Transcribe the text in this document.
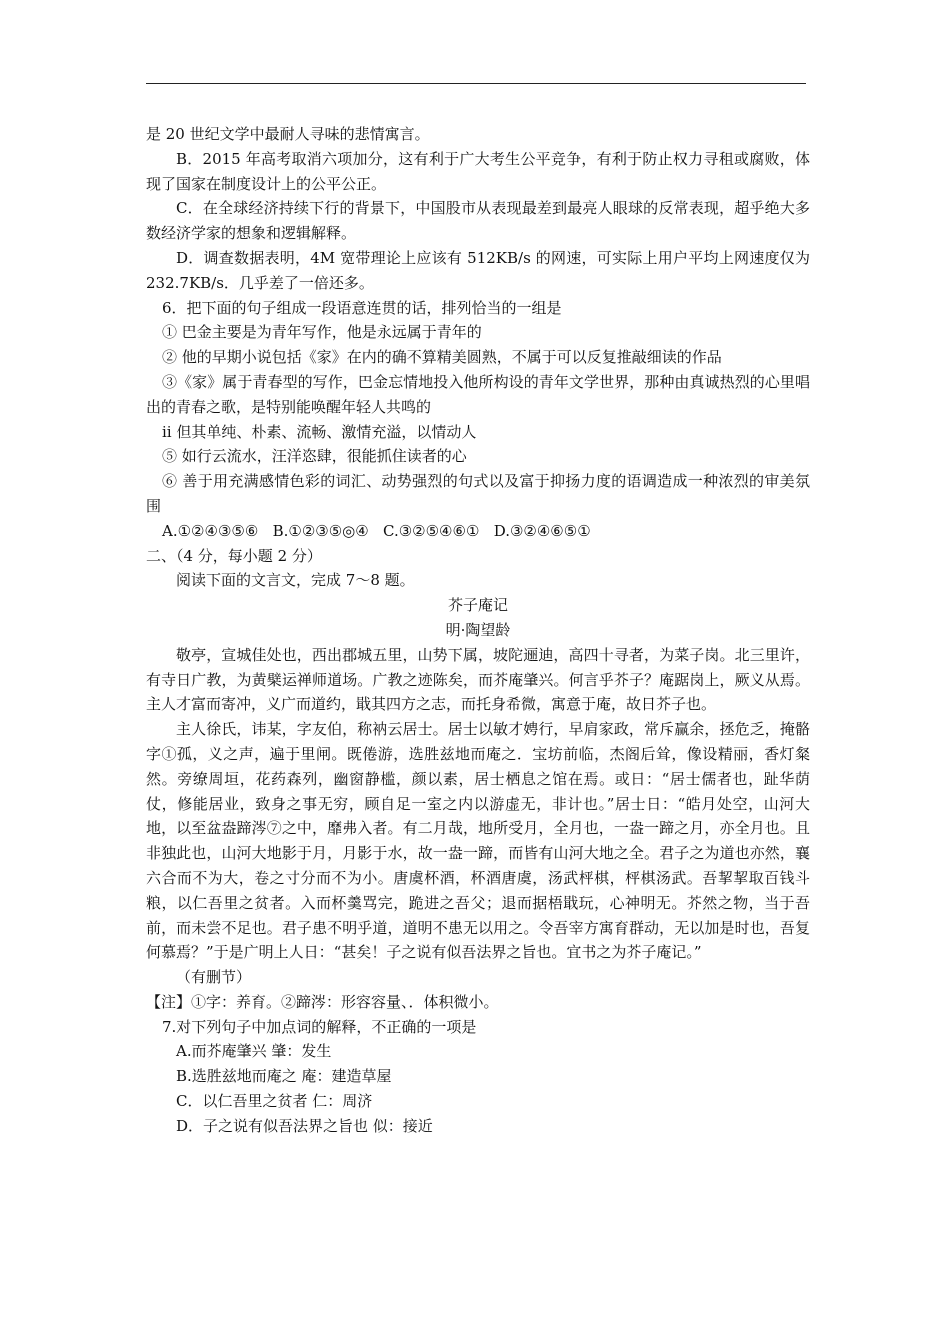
是 20 世纪文学中最耐人寻味的悲情寓言。

B．2015 年高考取消六项加分，这有利于广大考生公平竞争，有利于防止权力寻租或腐败，体现了国家在制度设计上的公平公正。

C．在全球经济持续下行的背景下，中国股市从表现最差到最亮人眼球的反常表现，超乎绝大多数经济学家的想象和逻辑解释。

D．调查数据表明，4M 宽带理论上应该有 512KB/s 的网速，可实际上用户平均上网速度仅为 232.7KB/s．几乎差了一倍还多。

6．把下面的句子组成一段语意连贯的话，排列恰当的一组是

① 巴金主要是为青年写作，他是永远属于青年的

② 他的早期小说包括《家》在内的确不算精美圆熟，不属于可以反复推敲细读的作品

③《家》属于青春型的写作，巴金忘情地投入他所构设的青年文学世界，那种由真诚热烈的心里唱出的青春之歌，是特别能唤醒年轻人共鸣的

ⅱ 但其单纯、朴素、流畅、激情充溢，以情动人

⑤ 如行云流水，汪洋恣肆，很能抓住读者的心

⑥ 善于用充满感情色彩的词汇、动势强烈的句式以及富于抑扬力度的语调造成一种浓烈的审美氛围

A.①②④③⑤⑥   B.①②③⑤◎④   C.③②⑤④⑥①   D.③②④⑥⑤①

二、（4 分，每小题 2 分）

阅读下面的文言文，完成 7～8 题。

芥子庵记

明·陶望龄

敬亭，宣城佳处也，西出郡城五里，山势下属，坡陀逦迪，高四十寻者，为菜子岗。北三里许，有寺日广教，为黄檗运禅师道场。广教之迹陈矣，而芥庵肇兴。何言乎芥子？庵踞岗上，厥义从焉。主人才富而寄冲，义广而道约，戢其四方之志，而托身希微，寓意于庵，故日芥子也。

主人徐氏，讳某，字友伯，称衲云居士。居士以敏才娉行，早肩家政，常斥赢余，拯危乏，掩骼字①孤，义之声，遍于里闸。既倦游，选胜兹地而庵之．宝坊前临，杰阁后耸，像设精丽，香灯粲然。旁缭周垣，花药森列，幽窗静槛，颜以素，居士栖息之馆在焉。或日：“居士儒者也，趾华荫仗，修能居业，致身之事无穷，顾自足一室之内以游虚无，非计也。”居士日：“皓月处空，山河大地，以至盆盎蹄涔⑦之中，靡弗入者。有二月哉，地所受月，全月也，一盎一蹄之月，亦全月也。且非独此也，山河大地影于月，月影于水，故一盎一蹄，而皆有山河大地之全。君子之为道也亦然，襄六合而不为大，卷之寸分而不为小。唐虞杯酒，杯酒唐虞，汤武枰棋，枰棋汤武。吾挈挈取百钱斗粮，以仁吾里之贫者。入而杯羹骂完，跪进之吾父；退而据梧戢玩，心神明无。芥然之物，当于吾前，而未尝不足也。君子患不明乎道，道明不患无以用之。令吾宰方寓育群动，无以加是时也，吾复何慕焉？”于是广明上人日：“甚矣！子之说有似吾法界之旨也。宜书之为芥子庵记。”

（有删节）

【注】①字：养育。②蹄涔：形容容量、．体积微小。

7.对下列句子中加点词的解释，不正确的一项是

A.而芥庵肇兴 肇：发生

B.选胜兹地而庵之 庵：建造草屋

C．以仁吾里之贫者 仁：周济

D．子之说有似吾法界之旨也 似：接近
